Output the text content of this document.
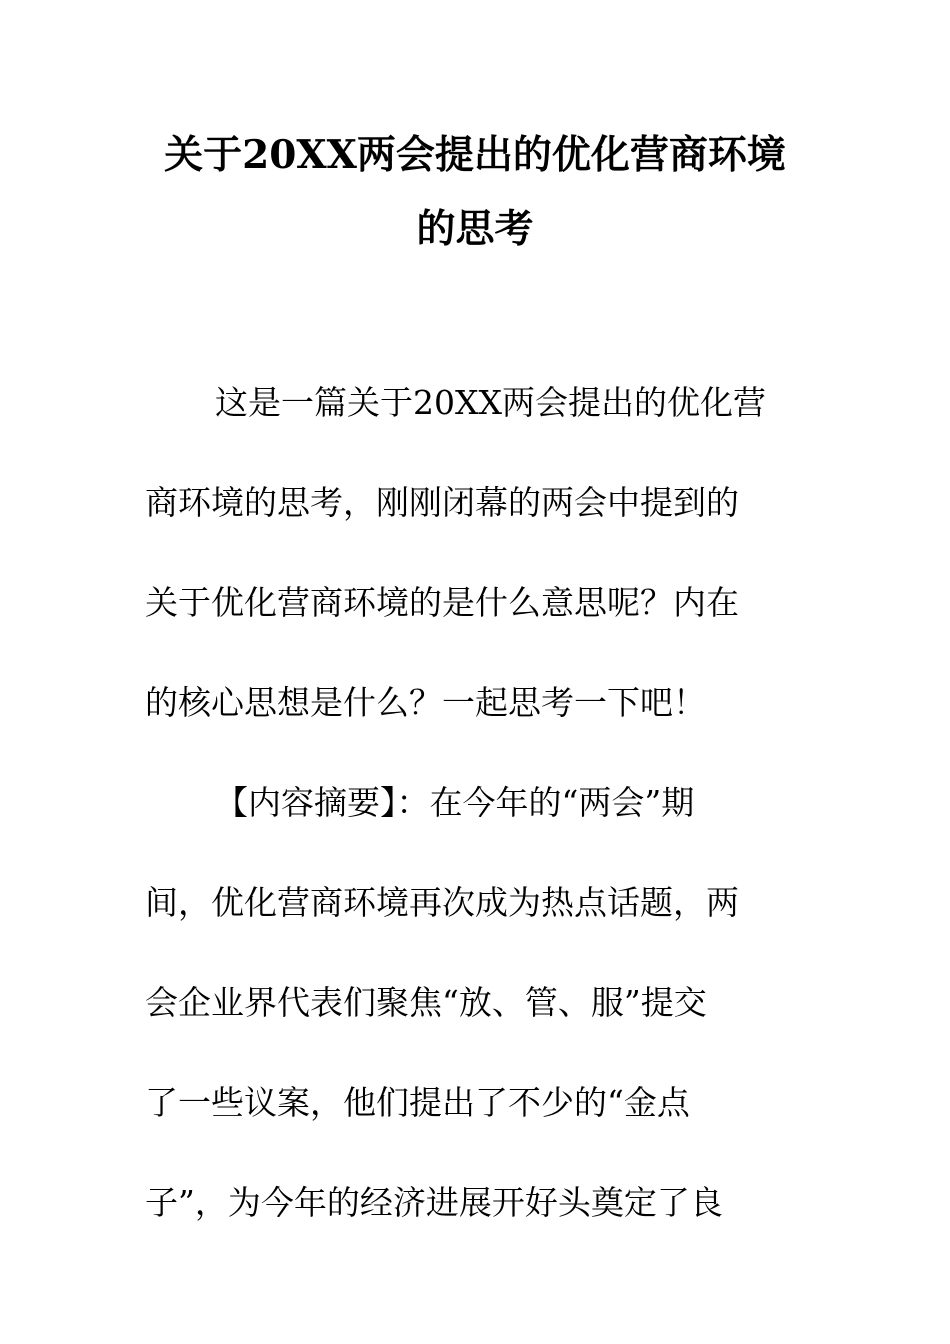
关于20XX两会提出的优化营商环境
的思考
这是一篇关于20XX两会提出的优化营
商环境的思考，刚刚闭幕的两会中提到的
关于优化营商环境的是什么意思呢？内在
的核心思想是什么？一起思考一下吧！
【内容摘要】：在今年的“两会”期
间，优化营商环境再次成为热点话题，两
会企业界代表们聚焦“放、管、服”提交
了一些议案，他们提出了不少的“金点
子”，为今年的经济进展开好头奠定了良
